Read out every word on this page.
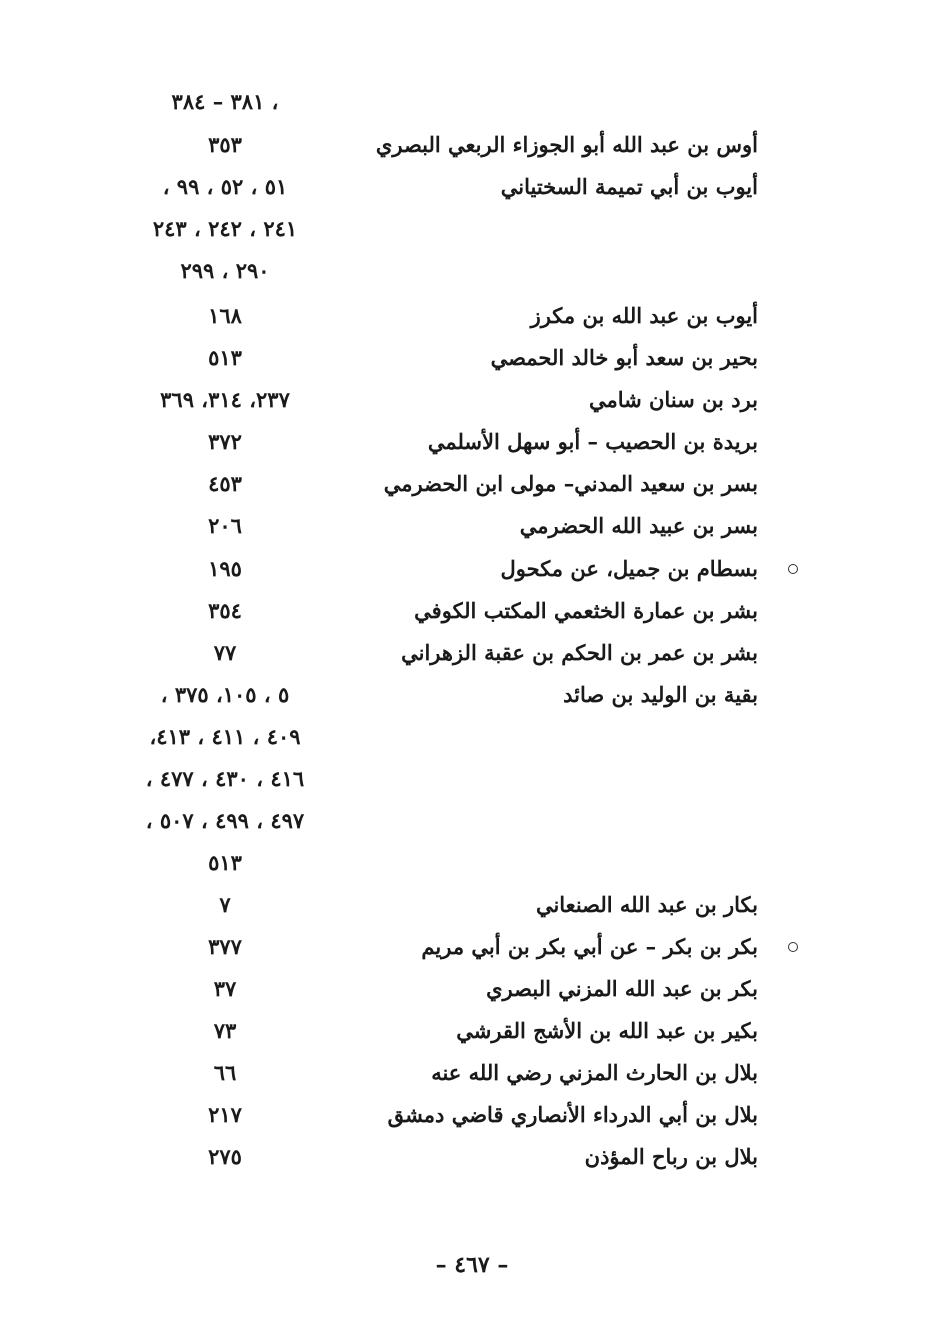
، ٣٨١ – ٣٨٤
أوس بن عبد الله أبو الجوزاء الربعي البصري
٣٥٣
أيوب بن أبي تميمة السختياني
٥١ ، ٥٢ ، ٩٩ ،
٢٤١ ، ٢٤٢ ، ٢٤٣
٢٩٠ ، ٢٩٩
أيوب بن عبد الله بن مكرز
١٦٨
بحير بن سعد أبو خالد الحمصي
٥١٣
برد بن سنان شامي
٢٣٧، ٣١٤، ٣٦٩
بريدة بن الحصيب – أبو سهل الأسلمي
٣٧٢
بسر بن سعيد المدني– مولى ابن الحضرمي
٤٥٣
بسر بن عبيد الله الحضرمي
٢٠٦
بسطام بن جميل، عن مكحول
١٩٥
بشر بن عمارة الخثعمي المكتب الكوفي
٣٥٤
بشر بن عمر بن الحكم بن عقبة الزهراني
٧٧
بقية بن الوليد بن صائد
٥ ، ١٠٥، ٣٧٥ ،
٤٠٩ ، ٤١١ ، ٤١٣،
٤١٦ ، ٤٣٠ ، ٤٧٧ ،
٤٩٧ ، ٤٩٩ ، ٥٠٧ ،
٥١٣
بكار بن عبد الله الصنعاني
٧
بكر بن بكر – عن أبي بكر بن أبي مريم
٣٧٧
بكر بن عبد الله المزني البصري
٣٧
بكير بن عبد الله بن الأشج القرشي
٧٣
بلال بن الحارث المزني رضي الله عنه
٦٦
بلال بن أبي الدرداء الأنصاري قاضي دمشق
٢١٧
بلال بن رباح المؤذن
٢٧٥
– ٤٦٧ –
